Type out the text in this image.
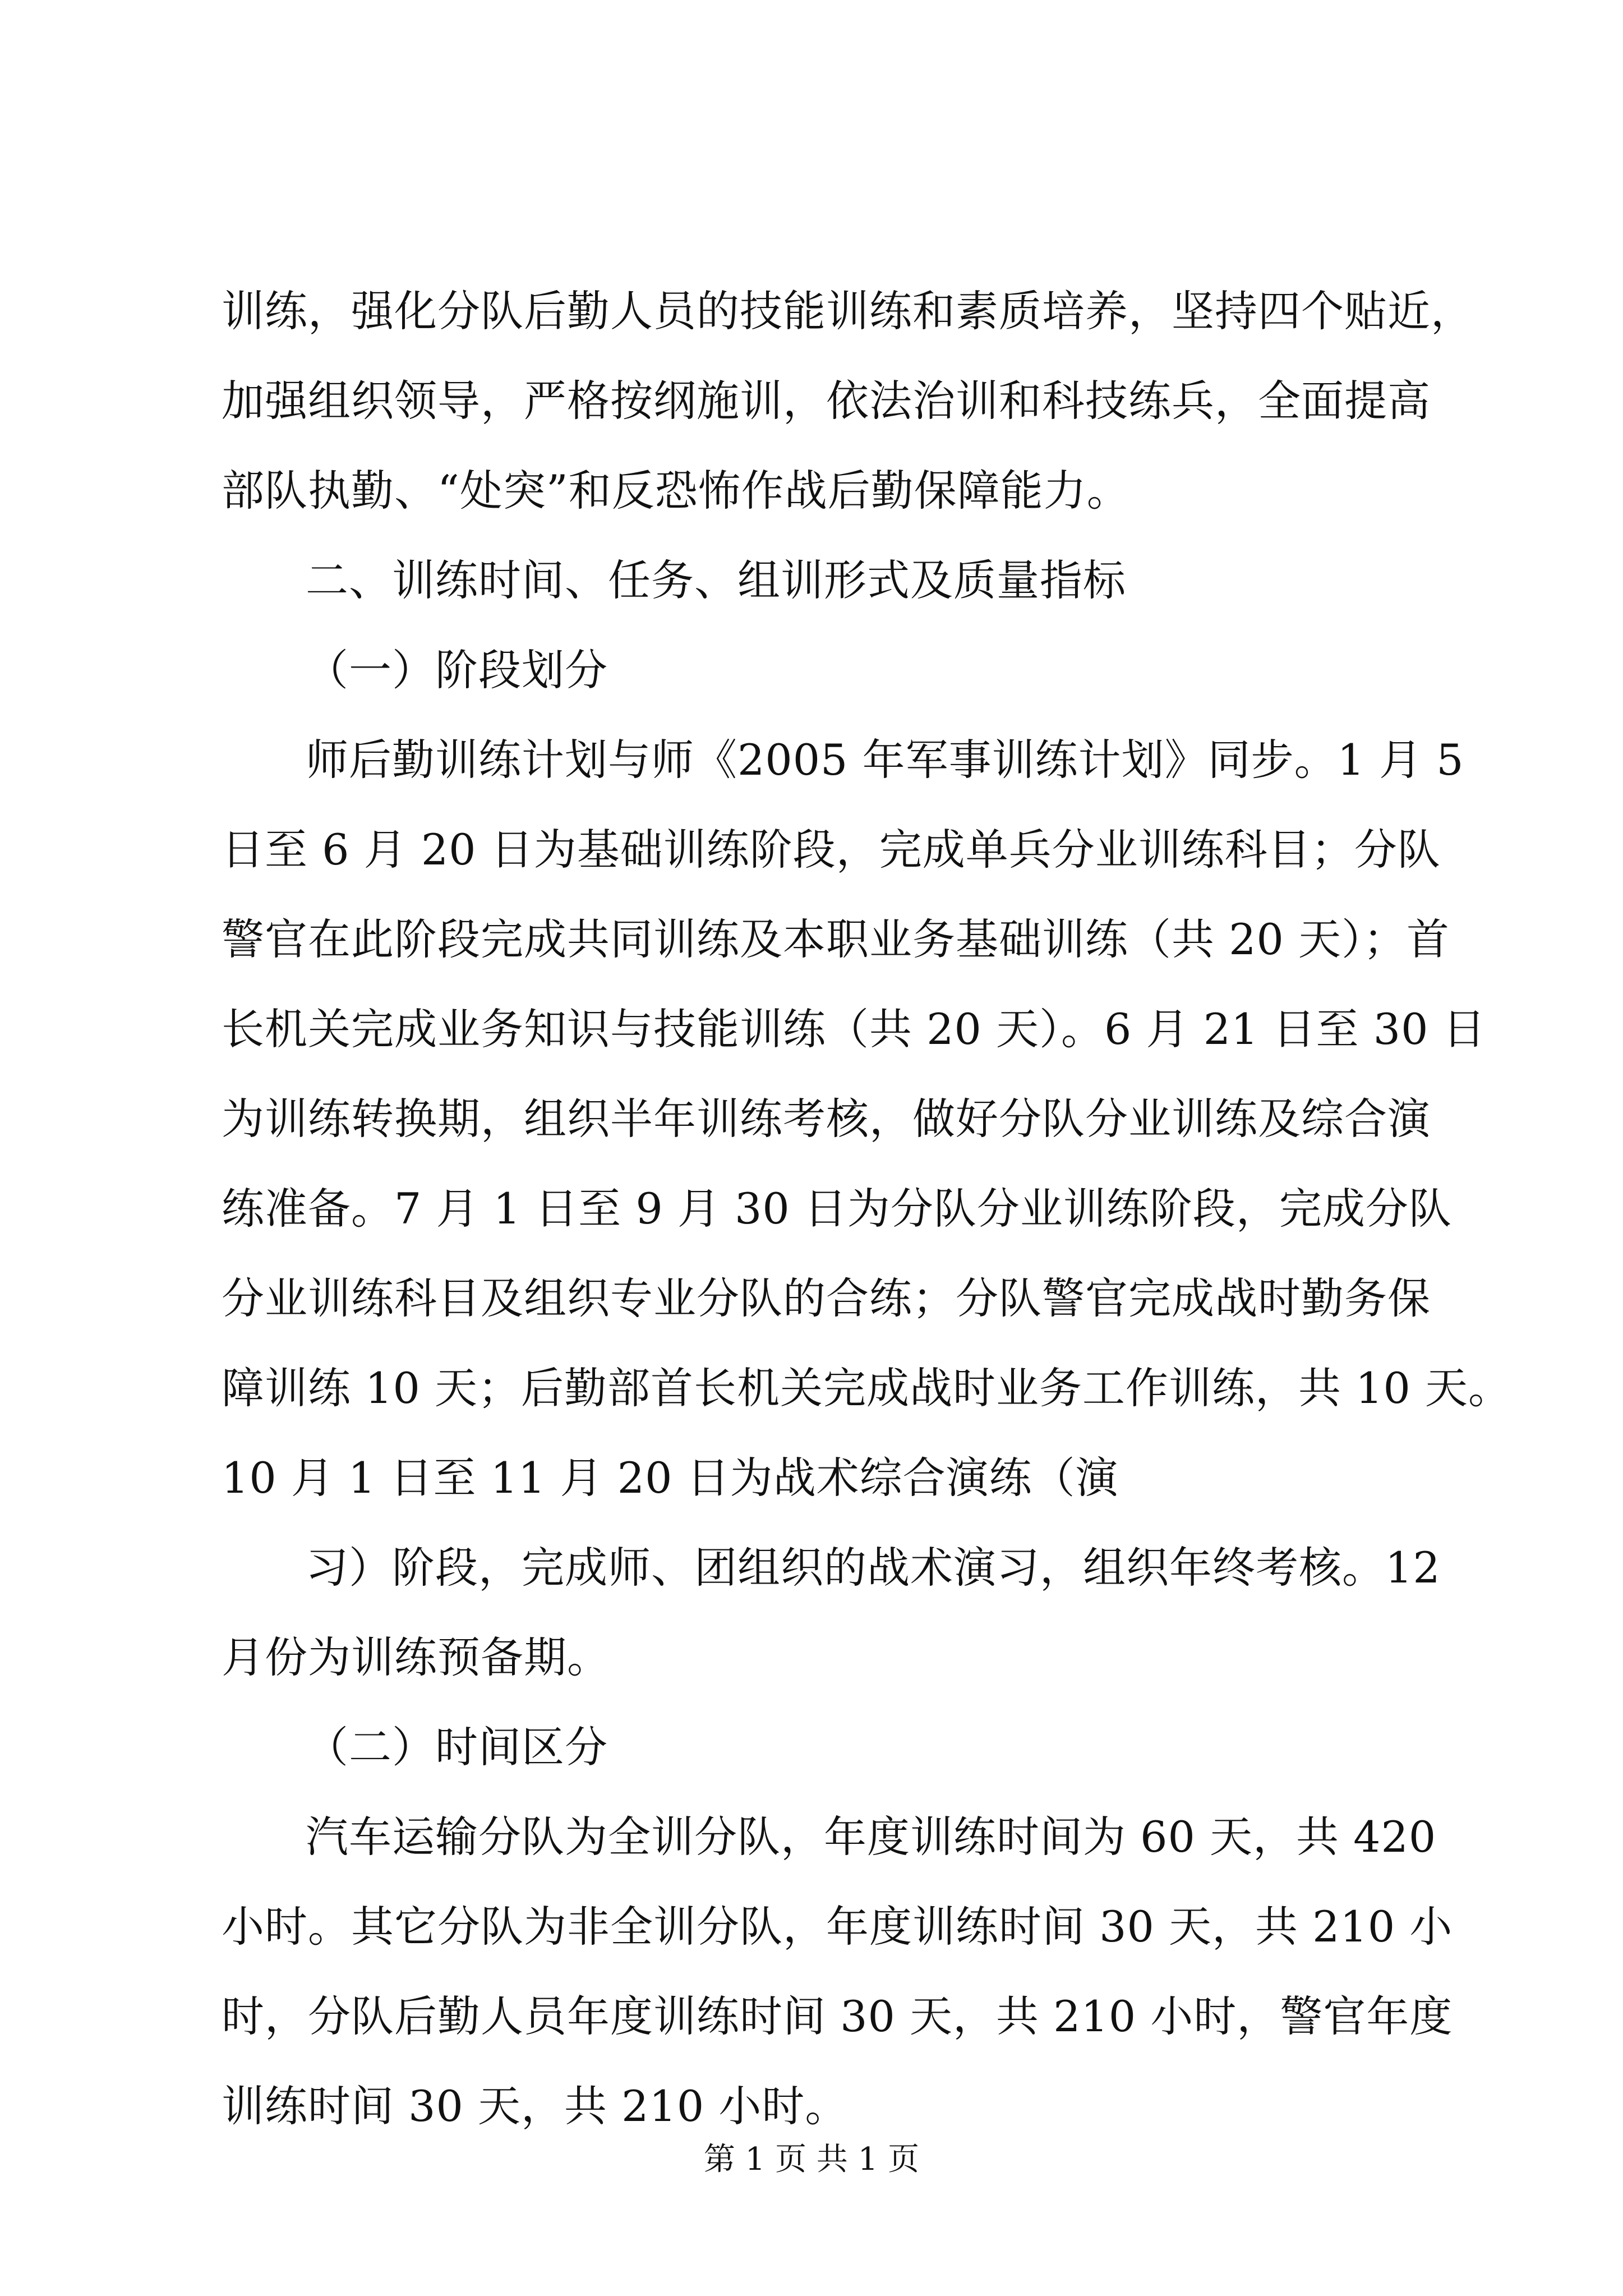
训练，强化分队后勤人员的技能训练和素质培养，坚持四个贴近，
加强组织领导，严格按纲施训，依法治训和科技练兵，全面提高
部队执勤、“处突”和反恐怖作战后勤保障能力。
二、训练时间、任务、组训形式及质量指标
（一）阶段划分
师后勤训练计划与师《2005 年军事训练计划》同步。1 月 5
日至 6 月 20 日为基础训练阶段，完成单兵分业训练科目；分队
警官在此阶段完成共同训练及本职业务基础训练（共 20 天）；首
长机关完成业务知识与技能训练（共 20 天）。6 月 21 日至 30 日
为训练转换期，组织半年训练考核，做好分队分业训练及综合演
练准备。7 月 1 日至 9 月 30 日为分队分业训练阶段，完成分队
分业训练科目及组织专业分队的合练；分队警官完成战时勤务保
障训练 10 天；后勤部首长机关完成战时业务工作训练，共 10 天。
10 月 1 日至 11 月 20 日为战术综合演练（演
习）阶段，完成师、团组织的战术演习，组织年终考核。12
月份为训练预备期。
（二）时间区分
汽车运输分队为全训分队，年度训练时间为 60 天，共 420
小时。其它分队为非全训分队，年度训练时间 30 天，共 210 小
时，分队后勤人员年度训练时间 30 天，共 210 小时，警官年度
训练时间 30 天，共 210 小时。
第 1 页 共 1 页
